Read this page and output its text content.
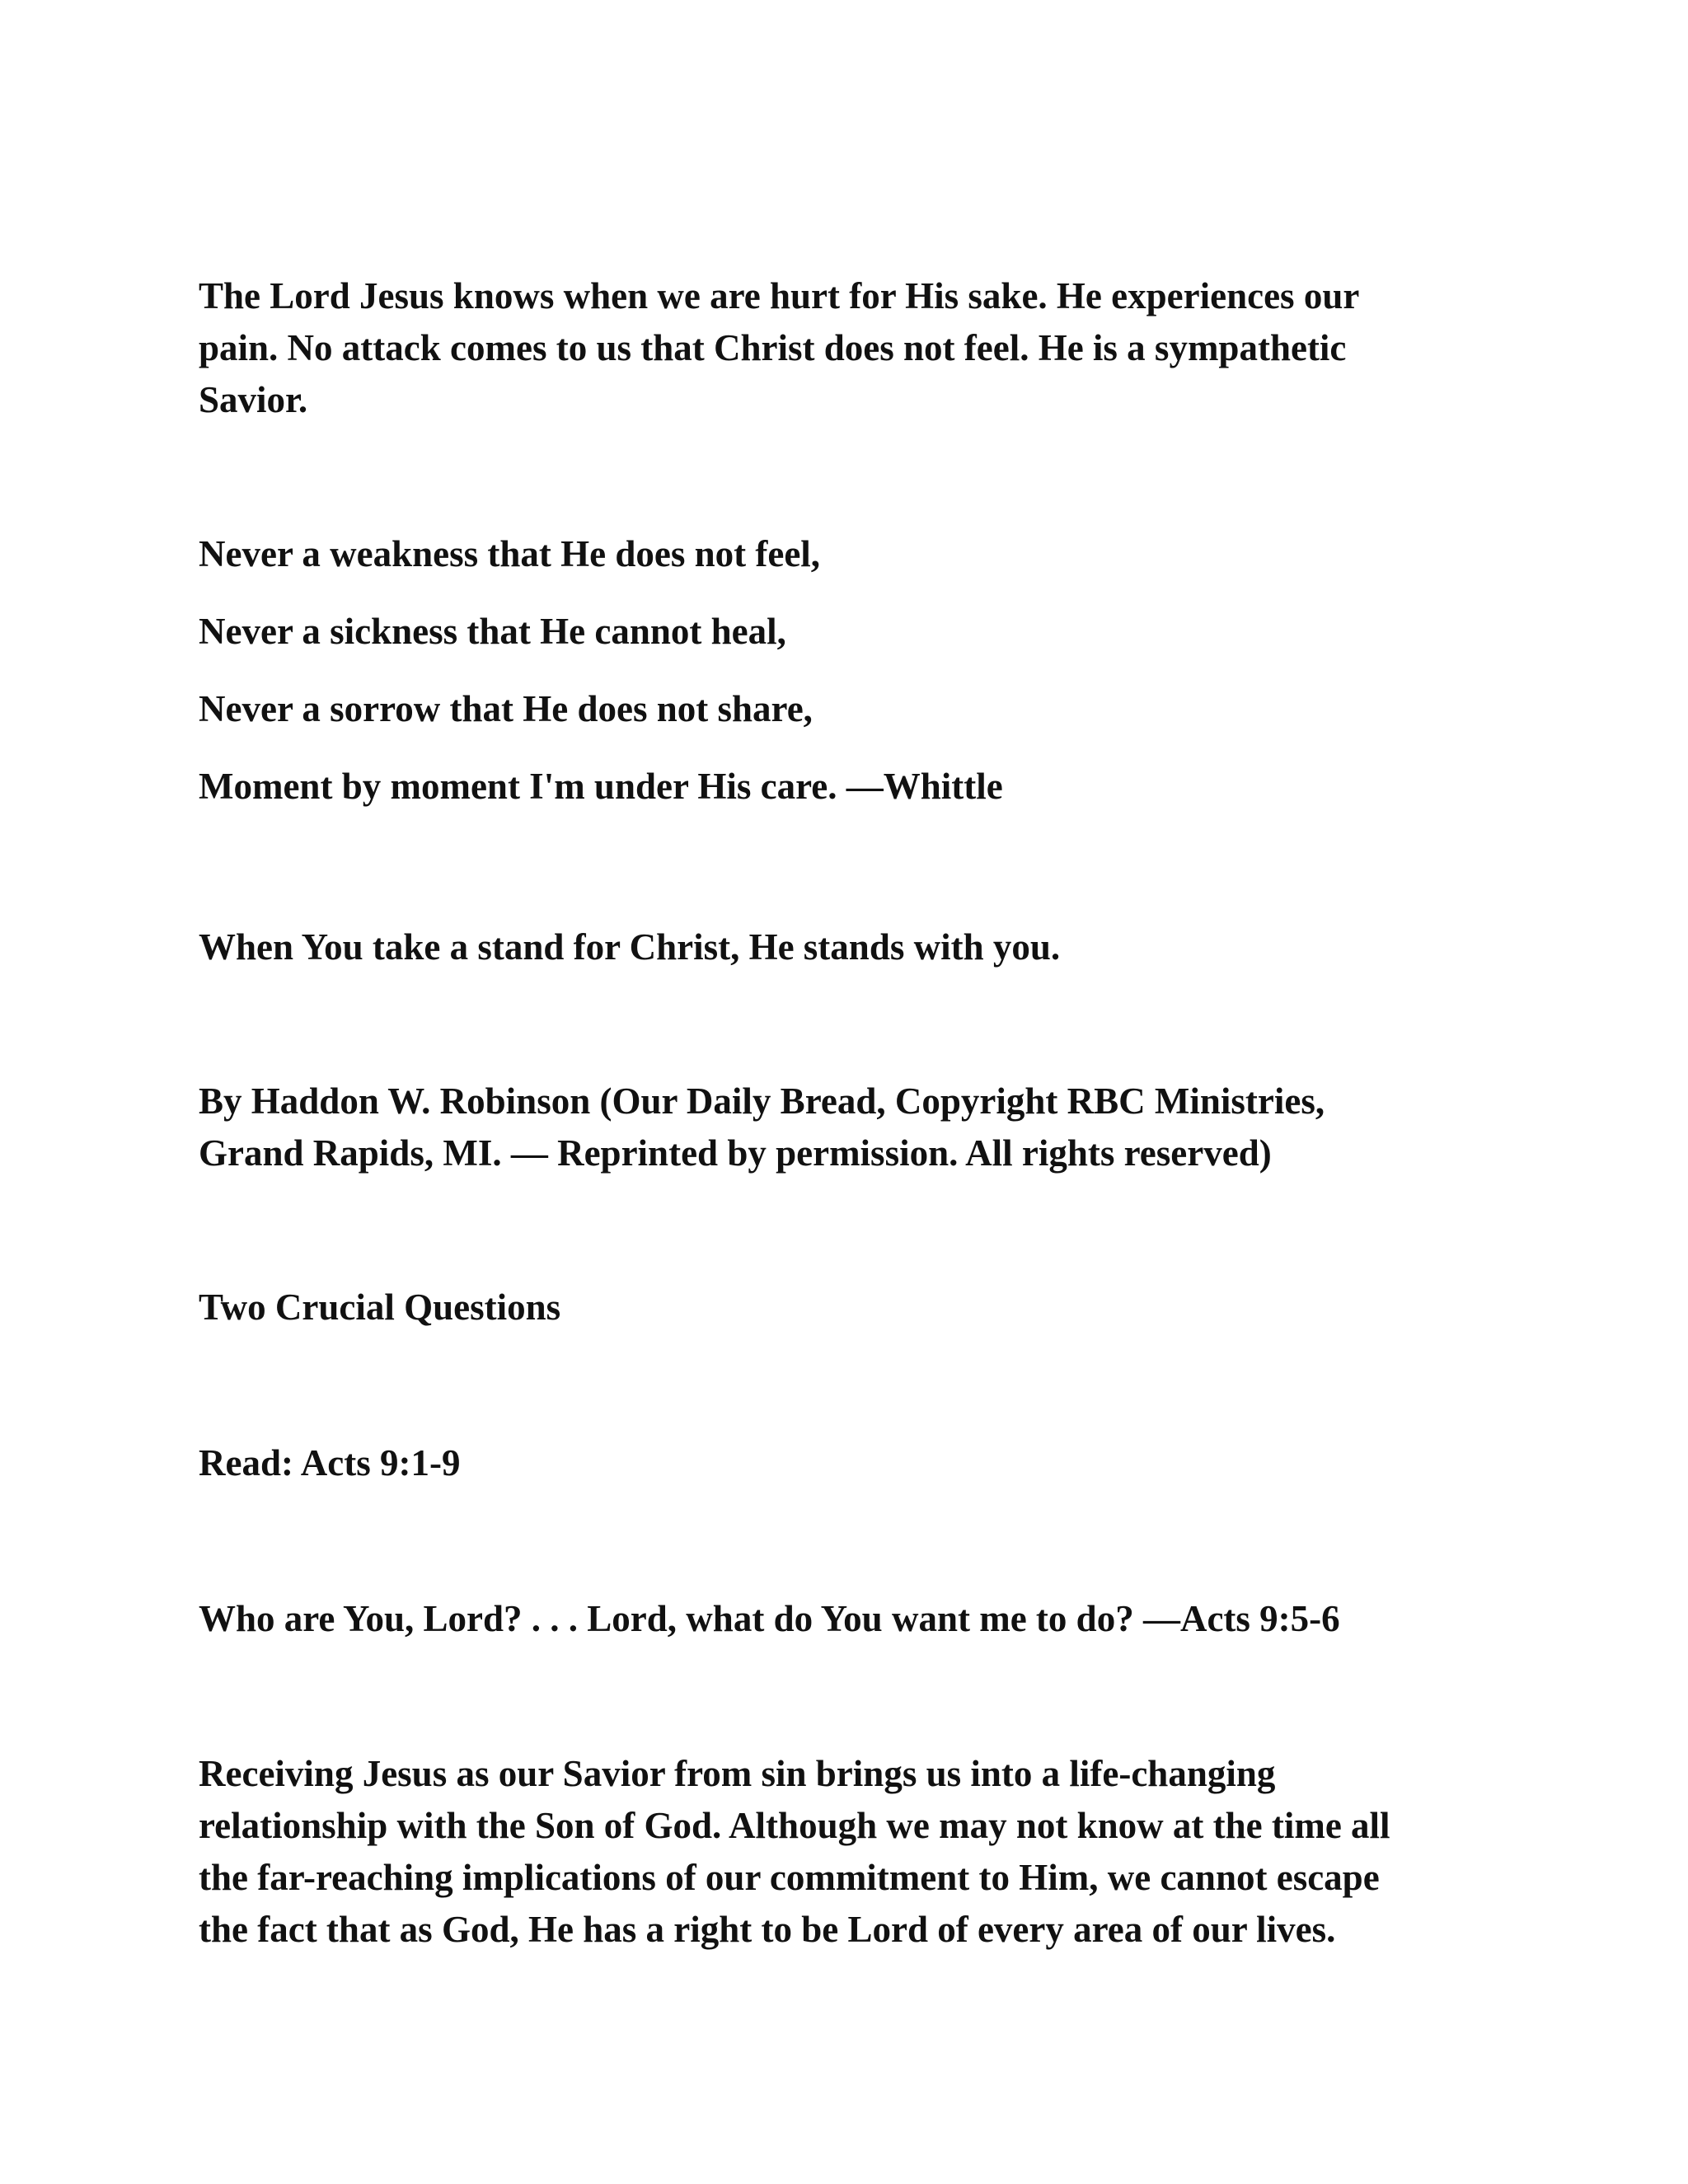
The Lord Jesus knows when we are hurt for His sake. He experiences our
pain. No attack comes to us that Christ does not feel. He is a sympathetic
Savior.
Never a weakness that He does not feel,
Never a sickness that He cannot heal,
Never a sorrow that He does not share,
Moment by moment I'm under His care. —Whittle
When You take a stand for Christ, He stands with you.
By Haddon W. Robinson (Our Daily Bread, Copyright RBC Ministries,
Grand Rapids, MI. — Reprinted by permission. All rights reserved)
Two Crucial Questions
Read: Acts 9:1-9
Who are You, Lord? . . . Lord, what do You want me to do? —Acts 9:5-6
Receiving Jesus as our Savior from sin brings us into a life-changing
relationship with the Son of God. Although we may not know at the time all
the far-reaching implications of our commitment to Him, we cannot escape
the fact that as God, He has a right to be Lord of every area of our lives.
